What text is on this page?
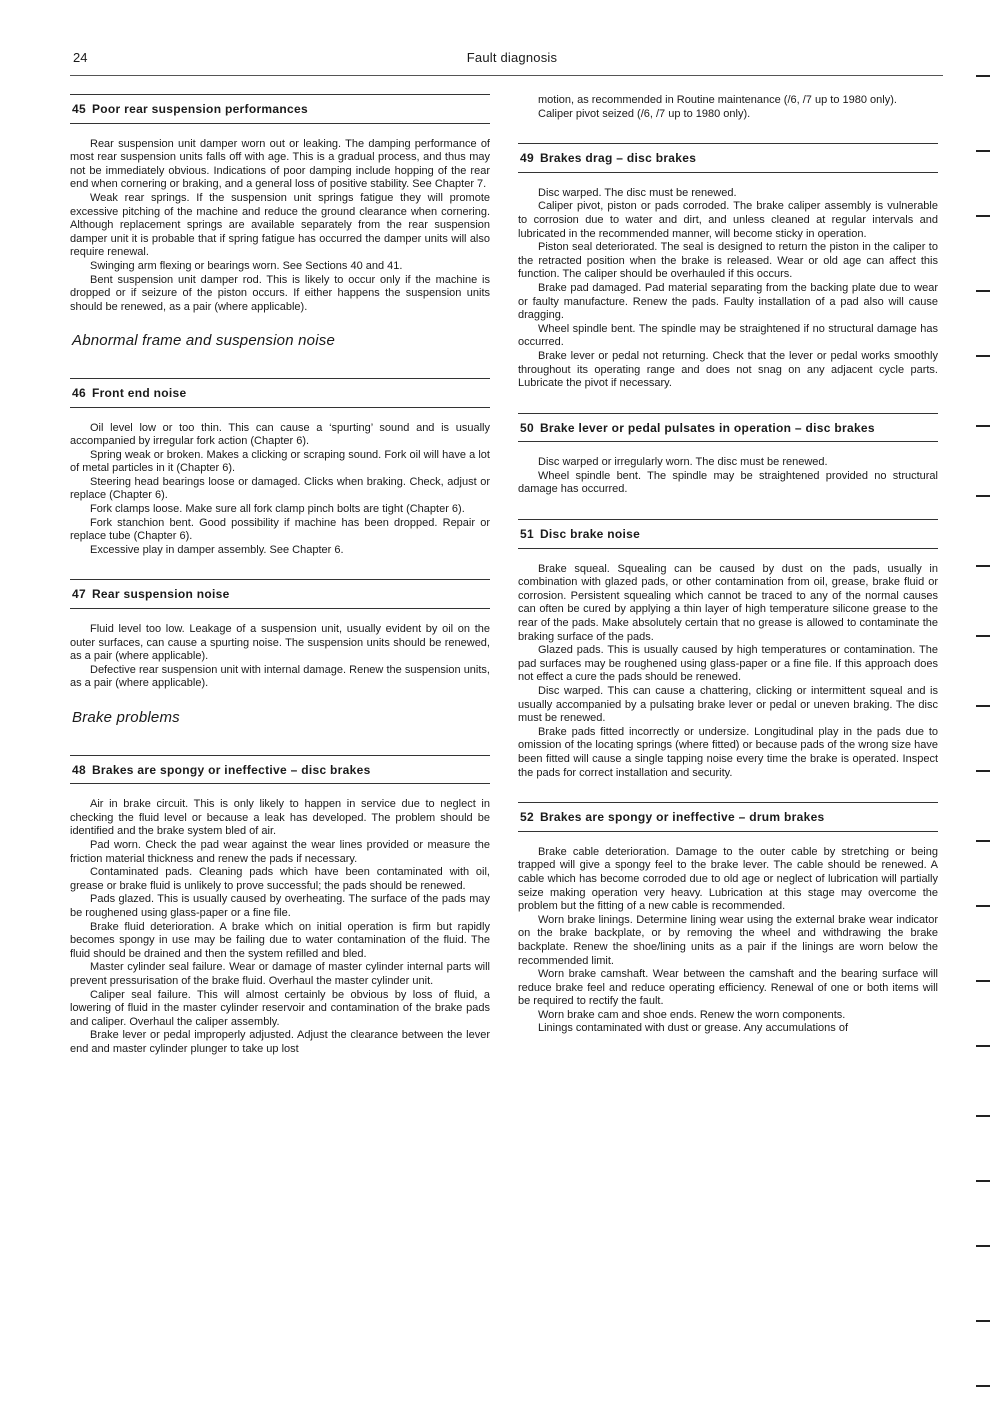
24	Fault diagnosis
45 Poor rear suspension performances

Rear suspension unit damper worn out or leaking. The damping performance of most rear suspension units falls off with age. This is a gradual process, and thus may not be immediately obvious. Indications of poor damping include hopping of the rear end when cornering or braking, and a general loss of positive stability. See Chapter 7.

Weak rear springs. If the suspension unit springs fatigue they will promote excessive pitching of the machine and reduce the ground clearance when cornering. Although replacement springs are available separately from the rear suspension damper unit it is probable that if spring fatigue has occurred the damper units will also require renewal.

Swinging arm flexing or bearings worn. See Sections 40 and 41.

Bent suspension unit damper rod. This is likely to occur only if the machine is dropped or if seizure of the piston occurs. If either happens the suspension units should be renewed, as a pair (where applicable).

Abnormal frame and suspension noise
46 Front end noise

Oil level low or too thin. This can cause a ‘spurting’ sound and is usually accompanied by irregular fork action (Chapter 6).

Spring weak or broken. Makes a clicking or scraping sound. Fork oil will have a lot of metal particles in it (Chapter 6).

Steering head bearings loose or damaged. Clicks when braking. Check, adjust or replace (Chapter 6).

Fork clamps loose. Make sure all fork clamp pinch bolts are tight (Chapter 6).

Fork stanchion bent. Good possibility if machine has been dropped. Repair or replace tube (Chapter 6).

Excessive play in damper assembly. See Chapter 6.

47 Rear suspension noise

Fluid level too low. Leakage of a suspension unit, usually evident by oil on the outer surfaces, can cause a spurting noise. The suspension units should be renewed, as a pair (where applicable).

Defective rear suspension unit with internal damage. Renew the suspension units, as a pair (where applicable).

Brake problems
48 Brakes are spongy or ineffective – disc brakes

Air in brake circuit. This is only likely to happen in service due to neglect in checking the fluid level or because a leak has developed. The problem should be identified and the brake system bled of air.

Pad worn. Check the pad wear against the wear lines provided or measure the friction material thickness and renew the pads if necessary.

Contaminated pads. Cleaning pads which have been contaminated with oil, grease or brake fluid is unlikely to prove successful; the pads should be renewed.

Pads glazed. This is usually caused by overheating. The surface of the pads may be roughened using glass-paper or a fine file.

Brake fluid deterioration. A brake which on initial operation is firm but rapidly becomes spongy in use may be failing due to water contamination of the fluid. The fluid should be drained and then the system refilled and bled.

Master cylinder seal failure. Wear or damage of master cylinder internal parts will prevent pressurisation of the brake fluid. Overhaul the master cylinder unit.

Caliper seal failure. This will almost certainly be obvious by loss of fluid, a lowering of fluid in the master cylinder reservoir and contamination of the brake pads and caliper. Overhaul the caliper assembly.

Brake lever or pedal improperly adjusted. Adjust the clearance between the lever end and master cylinder plunger to take up lost

motion, as recommended in Routine maintenance (/6, /7 up to 1980 only).

Caliper pivot seized (/6, /7 up to 1980 only).

49 Brakes drag – disc brakes

Disc warped. The disc must be renewed.

Caliper pivot, piston or pads corroded. The brake caliper assembly is vulnerable to corrosion due to water and dirt, and unless cleaned at regular intervals and lubricated in the recommended manner, will become sticky in operation.

Piston seal deteriorated. The seal is designed to return the piston in the caliper to the retracted position when the brake is released. Wear or old age can affect this function. The caliper should be overhauled if this occurs.

Brake pad damaged. Pad material separating from the backing plate due to wear or faulty manufacture. Renew the pads. Faulty installation of a pad also will cause dragging.

Wheel spindle bent. The spindle may be straightened if no structural damage has occurred.

Brake lever or pedal not returning. Check that the lever or pedal works smoothly throughout its operating range and does not snag on any adjacent cycle parts. Lubricate the pivot if necessary.

50 Brake lever or pedal pulsates in operation – disc brakes

Disc warped or irregularly worn. The disc must be renewed.

Wheel spindle bent. The spindle may be straightened provided no structural damage has occurred.

51 Disc brake noise

Brake squeal. Squealing can be caused by dust on the pads, usually in combination with glazed pads, or other contamination from oil, grease, brake fluid or corrosion. Persistent squealing which cannot be traced to any of the normal causes can often be cured by applying a thin layer of high temperature silicone grease to the rear of the pads. Make absolutely certain that no grease is allowed to contaminate the braking surface of the pads.

Glazed pads. This is usually caused by high temperatures or contamination. The pad surfaces may be roughened using glass-paper or a fine file. If this approach does not effect a cure the pads should be renewed.

Disc warped. This can cause a chattering, clicking or intermittent squeal and is usually accompanied by a pulsating brake lever or pedal or uneven braking. The disc must be renewed.

Brake pads fitted incorrectly or undersize. Longitudinal play in the pads due to omission of the locating springs (where fitted) or because pads of the wrong size have been fitted will cause a single tapping noise every time the brake is operated. Inspect the pads for correct installation and security.

52 Brakes are spongy or ineffective – drum brakes

Brake cable deterioration. Damage to the outer cable by stretching or being trapped will give a spongy feel to the brake lever. The cable should be renewed. A cable which has become corroded due to old age or neglect of lubrication will partially seize making operation very heavy. Lubrication at this stage may overcome the problem but the fitting of a new cable is recommended.

Worn brake linings. Determine lining wear using the external brake wear indicator on the brake backplate, or by removing the wheel and withdrawing the brake backplate. Renew the shoe/lining units as a pair if the linings are worn below the recommended limit.

Worn brake camshaft. Wear between the camshaft and the bearing surface will reduce brake feel and reduce operating efficiency. Renewal of one or both items will be required to rectify the fault.

Worn brake cam and shoe ends. Renew the worn components.

Linings contaminated with dust or grease. Any accumulations of
